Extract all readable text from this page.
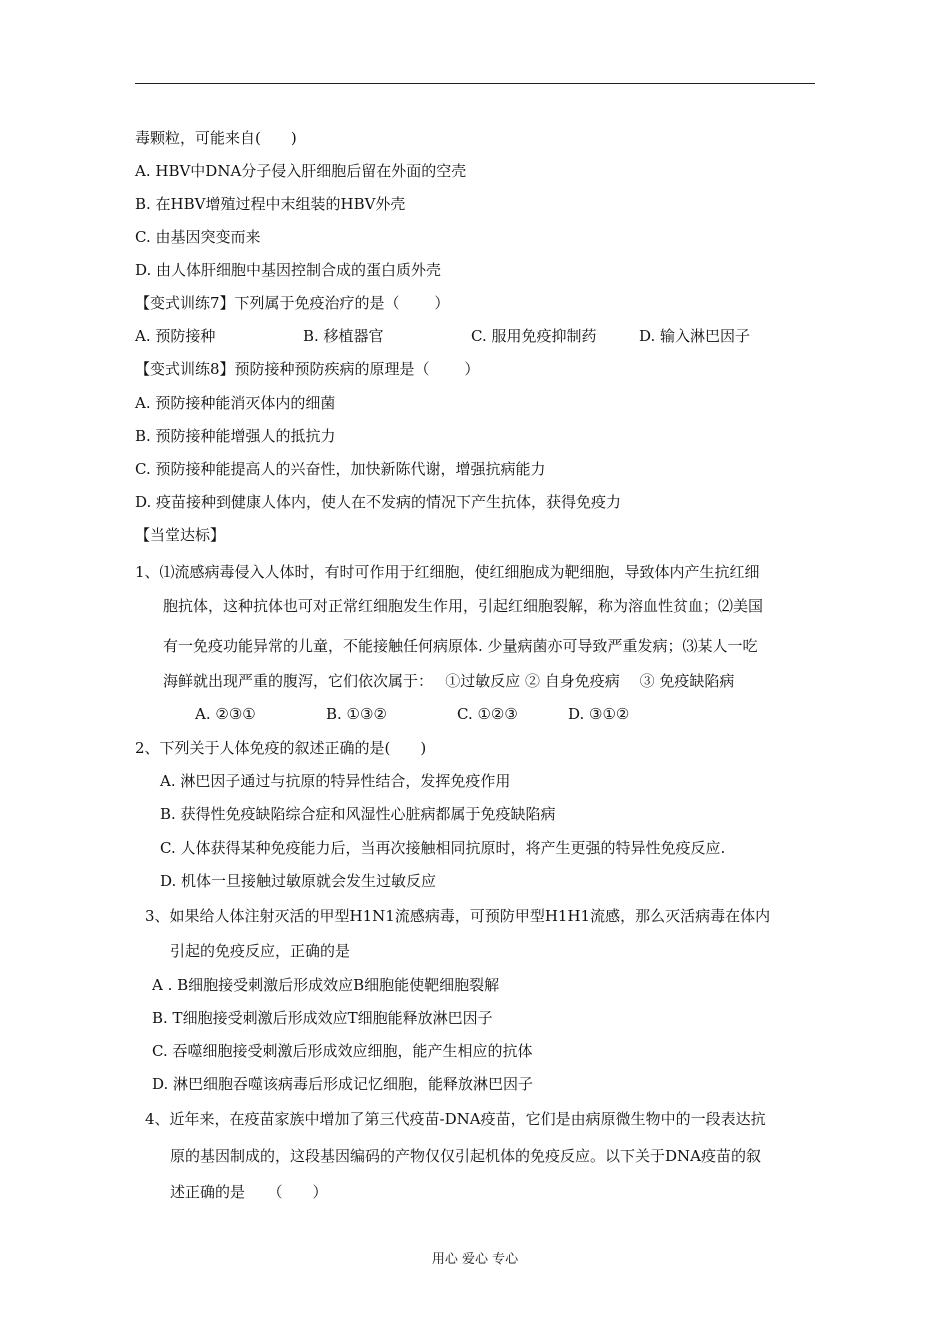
毒颗粒，可能来自(　　)
A. HBV中DNA分子侵入肝细胞后留在外面的空壳
B. 在HBV增殖过程中末组装的HBV外壳
C. 由基因突变而来
D. 由人体肝细胞中基因控制合成的蛋白质外壳
【变式训练7】下列属于免疫治疗的是（　　 ）
A. 预防接种	B. 移植器官	C. 服用免疫抑制药	D. 输入淋巴因子
【变式训练8】预防接种预防疾病的原理是（　　 ）
A. 预防接种能消灭体内的细菌
B. 预防接种能增强人的抵抗力
C. 预防接种能提高人的兴奋性，加快新陈代谢，增强抗病能力
D. 疫苗接种到健康人体内，使人在不发病的情况下产生抗体，获得免疫力
【当堂达标】
1、⑴流感病毒侵入人体时，有时可作用于红细胞，使红细胞成为靶细胞，导致体内产生抗红细
胞抗体，这种抗体也可对正常红细胞发生作用，引起红细胞裂解，称为溶血性贫血；⑵美国
有一免疫功能异常的儿童，不能接触任何病原体. 少量病菌亦可导致严重发病；⑶某人一吃
海鲜就出现严重的腹泻，它们依次属于：　 ①过敏反应 ② 自身免疫病　 ③ 免疫缺陷病
A. ②③①	B. ①③②	C. ①②③	D. ③①②
2、下列关于人体免疫的叙述正确的是(　　)
A. 淋巴因子通过与抗原的特异性结合，发挥免疫作用
B. 获得性免疫缺陷综合症和风湿性心脏病都属于免疫缺陷病
C. 人体获得某种免疫能力后，当再次接触相同抗原时，将产生更强的特异性免疫反应.
D. 机体一旦接触过敏原就会发生过敏反应
3、如果给人体注射灭活的甲型H1N1流感病毒，可预防甲型H1H1流感，那么灭活病毒在体内
引起的免疫反应，正确的是
A . B细胞接受刺激后形成效应B细胞能使靶细胞裂解
B. T细胞接受刺激后形成效应T细胞能释放淋巴因子
C. 吞噬细胞接受刺激后形成效应细胞，能产生相应的抗体
D. 淋巴细胞吞噬该病毒后形成记忆细胞，能释放淋巴因子
4、近年来，在疫苗家族中增加了第三代疫苗-DNA疫苗，它们是由病原微生物中的一段表达抗
原的基因制成的，这段基因编码的产物仅仅引起机体的免疫反应。以下关于DNA疫苗的叙
述正确的是　　（　　）
用心 爱心 专心
